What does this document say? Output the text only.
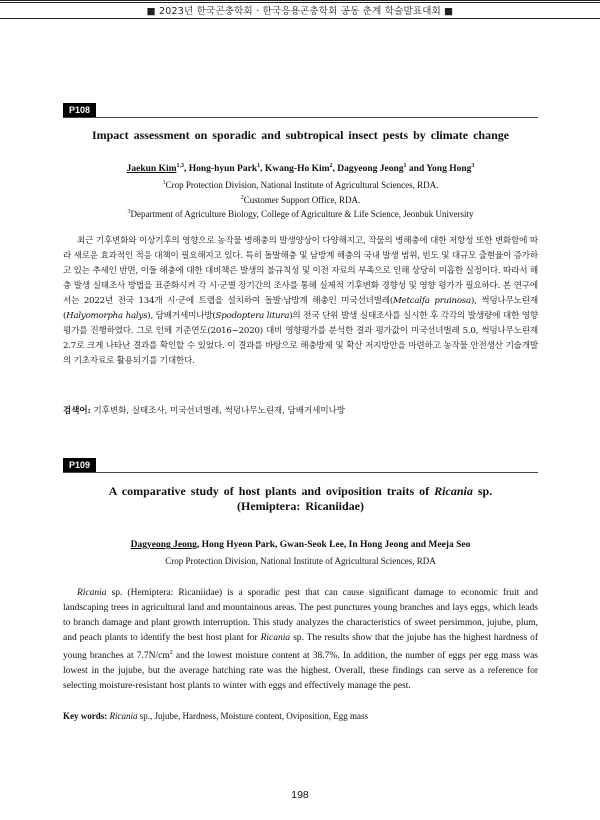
■ 2023년 한국곤충학회 · 한국응용곤충학회 공동 춘계 학술발표대회 ■
P108
Impact assessment on sporadic and subtropical insect pests by climate change
Jaekun Kim$^{1,3}$, Hong-hyun Park$^1$, Kwang-Ho Kim$^2$, Dagyeong Jeong$^1$ and Yong Hong$^3$
$^1$Crop Protection Division, National Institute of Agricultural Sciences, RDA.
$^2$Customer Support Office, RDA.
$^3$Department of Agriculture Biology, College of Agriculture & Life Science, Jeonbuk University
최근 기후변화와 이상기후의 영향으로 농작물 병해충의 발생양상이 다양해지고, 작물의 병해충에 대한 저항성 또한 변화함에 따라 새로운 효과적인 적응 대책이 필요해지고 있다. 특히 돌발해충 및 남방계 해충의 국내 발생 범위, 빈도 및 대규모 출현율이 증가하고 있는 추세인 반면, 이들 해충에 대한 대비책은 발생의 불규칙성 및 이전 자료의 부족으로 인해 상당히 미흡한 실정이다. 따라서 해충 발생 실태조사 방법을 표준화시켜 각 시·군별 장기간의 조사를 통해 실제적 기후변화 경향성 및 영향 평가가 필요하다. 본 연구에서는 2022년 전국 134개 시·군에 트랩을 설치하여 돌발·남방계 해충인 미국선녀벌레(Metcalfa pruinosa), 썩덩나무노린재(Halyomorpha halys), 담배거세미나방(Spodoptera litura)의 전국 단위 발생 실태조사를 실시한 후 각각의 발생량에 대한 영향평가를 진행하였다. 그로 인해 기준연도(2016~2020) 대비 영향평가를 분석한 결과 평가값이 미국선녀벌레 5.0, 썩덩나무노린재 2.7로 크게 나타난 결과를 확인할 수 있었다. 이 결과를 바탕으로 해충방제 및 확산 저지방안을 마련하고 농작물 안전생산 기술개발의 기초자료로 활용되기를 기대한다.
검색어: 기후변화, 실태조사, 미국선녀벌레, 썩덩나무노린재, 담배거세미나방
P109
A comparative study of host plants and oviposition traits of Ricania sp.
(Hemiptera: Ricaniidae)
Dagyeong Jeong, Hong Hyeon Park, Gwan-Seok Lee, In Hong Jeong and Meeja Seo
Crop Protection Division, National Institute of Agricultural Sciences, RDA
Ricania sp. (Hemiptera: Ricaniidae) is a sporadic pest that can cause significant damage to economic fruit and landscaping trees in agricultural land and mountainous areas. The pest punctures young branches and lays eggs, which leads to branch damage and plant growth interruption. This study analyzes the characteristics of sweet persimmon, jujube, plum, and peach plants to identify the best host plant for Ricania sp. The results show that the jujube has the highest hardness of young branches at $7.7N/cm^2$ and the lowest moisture content at 38.7%. In addition, the number of eggs per egg mass was lowest in the jujube, but the average hatching rate was the highest. Overall, these findings can serve as a reference for selecting moisture-resistant host plants to winter with eggs and effectively manage the pest.
Key words: Ricania sp., Jujube, Hardness, Moisture content, Oviposition, Egg mass
198
